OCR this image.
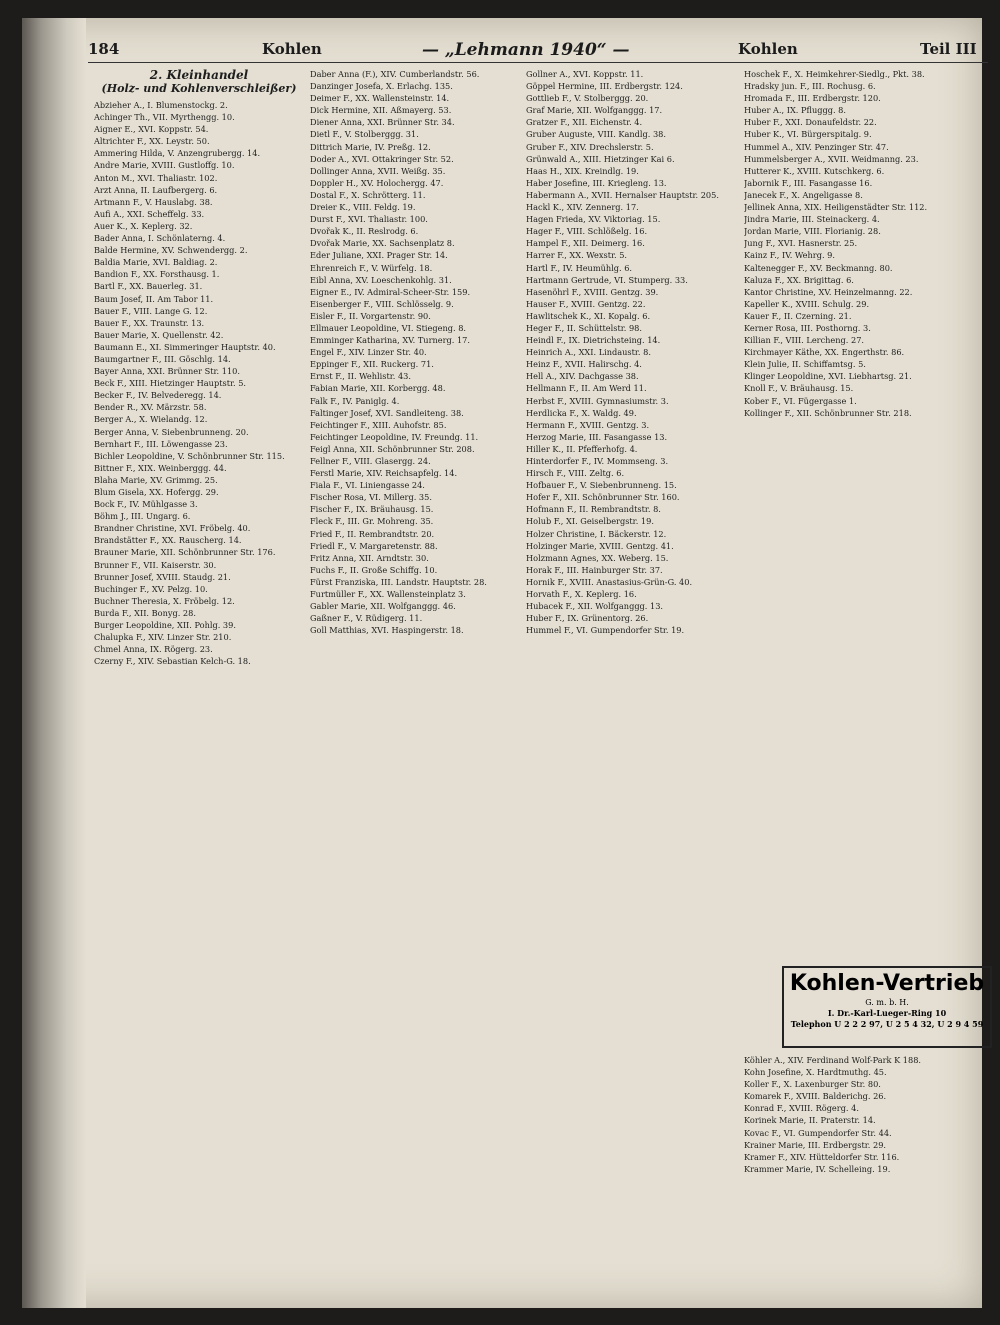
184	Kohlen	— „Lehmann 1940“ —	Kohlen	Teil III
2. Kleinhandel
(Holz- und Kohlenverschleißer)
Abzieher A., I. Blumenstockg. 2.
Achinger Th., VII. Myrthengg. 10.
Aigner E., XVI. Koppstr. 54.
Altrichter F., XX. Leystr. 50.
Ammering Hilda, V. Anzengrubergg. 14.
Andre Marie, XVIII. Gustloffg. 10.
Anton M., XVI. Thaliastr. 102.
Arzt Anna, II. Laufbergerg. 6.
Artmann F., V. Hauslabg. 38.
Aufi A., XXI. Scheffelg. 33.
Auer K., X. Keplerg. 32.
Bader Anna, I. Schönlaterng. 4.
Balde Hermine, XV. Schwendergg. 2.
Baldia Marie, XVI. Baldiag. 2.
Bandion F., XX. Forsthausg. 1.
Bartl F., XX. Bauerleg. 31.
Baum Josef, II. Am Tabor 11.
Bauer F., VIII. Lange G. 12.
Bauer F., XX. Traunstr. 13.
Bauer Marie, X. Quellenstr. 42.
Baumann E., XI. Simmeringer Hauptstr. 40.
Baumgartner F., III. Göschlg. 14.
Bayer Anna, XXI. Brünner Str. 110.
Beck F., XIII. Hietzinger Hauptstr. 5.
Becker F., IV. Belvederegg. 14.
Bender R., XV. Märzstr. 58.
Berger A., X. Wielandg. 12.
Berger Anna, V. Siebenbrunneng. 20.
Bernhart F., III. Löwengasse 23.
Bichler Leopoldine, V. Schönbrunner Str. 115.
Bittner F., XIX. Weinberggg. 44.
Blaha Marie, XV. Grimmg. 25.
Blum Gisela, XX. Hofergg. 29.
Bock F., IV. Mühlgasse 3.
Böhm J., III. Ungarg. 6.
Brandner Christine, XVI. Fröbelg. 40.
Brandstätter F., XX. Rauscherg. 14.
Brauner Marie, XII. Schönbrunner Str. 176.
Brunner F., VII. Kaiserstr. 30.
Brunner Josef, XVIII. Staudg. 21.
Buchinger F., XV. Pelzg. 10.
Buchner Theresia, X. Fröbelg. 12.
Burda F., XII. Bonyg. 28.
Burger Leopoldine, XII. Pohlg. 39.
Chalupka F., XIV. Linzer Str. 210.
Chmel Anna, IX. Rögerg. 23.
Czerny F., XIV. Sebastian Kelch-G. 18.
Daber Anna (F.), XIV. Cumberlandstr. 56.
Danzinger Josefa, X. Erlachg. 135.
Deimer F., XX. Wallensteinstr. 14.
Dick Hermine, XII. Aßmayerg. 53.
Diener Anna, XXI. Brünner Str. 34.
Dietl F., V. Stolberggg. 31.
Dittrich Marie, IV. Preßg. 12.
Doder A., XVI. Ottakringer Str. 52.
Dollinger Anna, XVII. Weißg. 35.
Doppler H., XV. Holochergg. 47.
Dostal F., X. Schrötterg. 11.
Dreier K., VIII. Feldg. 19.
Durst F., XVI. Thaliastr. 100.
Dvořak K., II. Reslrodg. 6.
Dvořak Marie, XX. Sachsenplatz 8.
Eder Juliane, XXI. Prager Str. 14.
Ehrenreich F., V. Würfelg. 18.
Eibl Anna, XV. Loeschenkohlg. 31.
Eigner E., IV. Admiral-Scheer-Str. 159.
Eisenberger F., VIII. Schlösselg. 9.
Eisler F., II. Vorgartenstr. 90.
Ellmauer Leopoldine, VI. Stiegeng. 8.
Emminger Katharina, XV. Turnerg. 17.
Engel F., XIV. Linzer Str. 40.
Eppinger F., XII. Ruckerg. 71.
Ernst F., II. Wehlistr. 43.
Fabian Marie, XII. Korbergg. 48.
Falk F., IV. Paniglg. 4.
Faltinger Josef, XVI. Sandleiteng. 38.
Feichtinger F., XIII. Auhofstr. 85.
Feichtinger Leopoldine, IV. Freundg. 11.
Feigl Anna, XII. Schönbrunner Str. 208.
Fellner F., VIII. Glasergg. 24.
Ferstl Marie, XIV. Reichsapfelg. 14.
Fiala F., VI. Liniengasse 24.
Fischer Rosa, VI. Millerg. 35.
Fischer F., IX. Bräuhausg. 15.
Fleck F., III. Gr. Mohreng. 35.
Fried F., II. Rembrandtstr. 20.
Friedl F., V. Margaretenstr. 88.
Fritz Anna, XII. Arndtstr. 30.
Fuchs F., II. Große Schiffg. 10.
Fürst Franziska, III. Landstr. Hauptstr. 28.
Furtmüller F., XX. Wallensteinplatz 3.
Gabler Marie, XII. Wolfganggg. 46.
Gaßner F., V. Rüdigerg. 11.
Goll Matthias, XVI. Haspingerstr. 18.
Gollner A., XVI. Koppstr. 11.
Göppel Hermine, III. Erdbergstr. 124.
Gottlieb F., V. Stolberggg. 20.
Graf Marie, XII. Wolfganggg. 17.
Gratzer F., XII. Eichenstr. 4.
Gruber Auguste, VIII. Kandlg. 38.
Gruber F., XIV. Drechslerstr. 5.
Grünwald A., XIII. Hietzinger Kai 6.
Haas H., XIX. Kreindlg. 19.
Haber Josefine, III. Kriegleng. 13.
Habermann A., XVII. Hernalser Hauptstr. 205.
Hackl K., XIV. Zennerg. 17.
Hagen Frieda, XV. Viktoriag. 15.
Hager F., VIII. Schlößelg. 16.
Hampel F., XII. Deimerg. 16.
Harrer F., XX. Wexstr. 5.
Hartl F., IV. Heumühlg. 6.
Hartmann Gertrude, VI. Stumperg. 33.
Hasenöhrl F., XVIII. Gentzg. 39.
Hauser F., XVIII. Gentzg. 22.
Hawlitschek K., XI. Kopalg. 6.
Heger F., II. Schüttelstr. 98.
Heindl F., IX. Dietrichsteing. 14.
Heinrich A., XXI. Lindaustr. 8.
Heinz F., XVII. Halirschg. 4.
Hell A., XIV. Dachgasse 38.
Hellmann F., II. Am Werd 11.
Herbst F., XVIII. Gymnasiumstr. 3.
Herdlicka F., X. Waldg. 49.
Hermann F., XVIII. Gentzg. 3.
Herzog Marie, III. Fasangasse 13.
Hiller K., II. Pfefferhofg. 4.
Hinterdorfer F., IV. Mommseng. 3.
Hirsch F., VIII. Zeltg. 6.
Hofbauer F., V. Siebenbrunneng. 15.
Hofer F., XII. Schönbrunner Str. 160.
Hofmann F., II. Rembrandtstr. 8.
Holub F., XI. Geiselbergstr. 19.
Holzer Christine, I. Bäckerstr. 12.
Holzinger Marie, XVIII. Gentzg. 41.
Holzmann Agnes, XX. Weberg. 15.
Horak F., III. Hainburger Str. 37.
Hornik F., XVIII. Anastasius-Grün-G. 40.
Horvath F., X. Keplerg. 16.
Hubacek F., XII. Wolfganggg. 13.
Huber F., IX. Grünentorg. 26.
Hummel F., VI. Gumpendorfer Str. 19.
Hoschek F., X. Heimkehrer-Siedlg., Pkt. 38.
Hradsky jun. F., III. Rochusg. 6.
Hromada F., III. Erdbergstr. 120.
Huber A., IX. Pfluggg. 8.
Huber F., XXI. Donaufeldstr. 22.
Huber K., VI. Bürgerspitalg. 9.
Hummel A., XIV. Penzinger Str. 47.
Hummelsberger A., XVII. Weidmanng. 23.
Hutterer K., XVIII. Kutschkerg. 6.
Jabornik F., III. Fasangasse 16.
Janecek F., X. Angeligasse 8.
Jellinek Anna, XIX. Heiligenstädter Str. 112.
Jindra Marie, III. Steinackerg. 4.
Jordan Marie, VIII. Florianig. 28.
Jung F., XVI. Hasnerstr. 25.
Kainz F., IV. Wehrg. 9.
Kaltenegger F., XV. Beckmanng. 80.
Kaluza F., XX. Brigittag. 6.
Kantor Christine, XV. Heinzelmanng. 22.
Kapeller K., XVIII. Schulg. 29.
Kauer F., II. Czerning. 21.
Kerner Rosa, III. Posthorng. 3.
Killian F., VIII. Lercheng. 27.
Kirchmayer Käthe, XX. Engerthstr. 86.
Klein Julie, II. Schiffamtsg. 5.
Klinger Leopoldine, XVI. Liebhartsg. 21.
Knoll F., V. Bräuhausg. 15.
Kober F., VI. Fügergasse 1.
Kollinger F., XII. Schönbrunner Str. 218.
Kohlen-Vertrieb
G. m. b. H.
I. Dr.-Karl-Lueger-Ring 10
Telephon U 2 2 2 97, U 2 5 4 32, U 2 9 4 59
Köhler A., XIV. Ferdinand Wolf-Park K 188.
Kohn Josefine, X. Hardtmuthg. 45.
Koller F., X. Laxenburger Str. 80.
Komarek F., XVIII. Balderichg. 26.
Konrad F., XVIII. Rögerg. 4.
Korinek Marie, II. Praterstr. 14.
Kovac F., VI. Gumpendorfer Str. 44.
Krainer Marie, III. Erdbergstr. 29.
Kramer F., XIV. Hütteldorfer Str. 116.
Krammer Marie, IV. Schelleing. 19.
